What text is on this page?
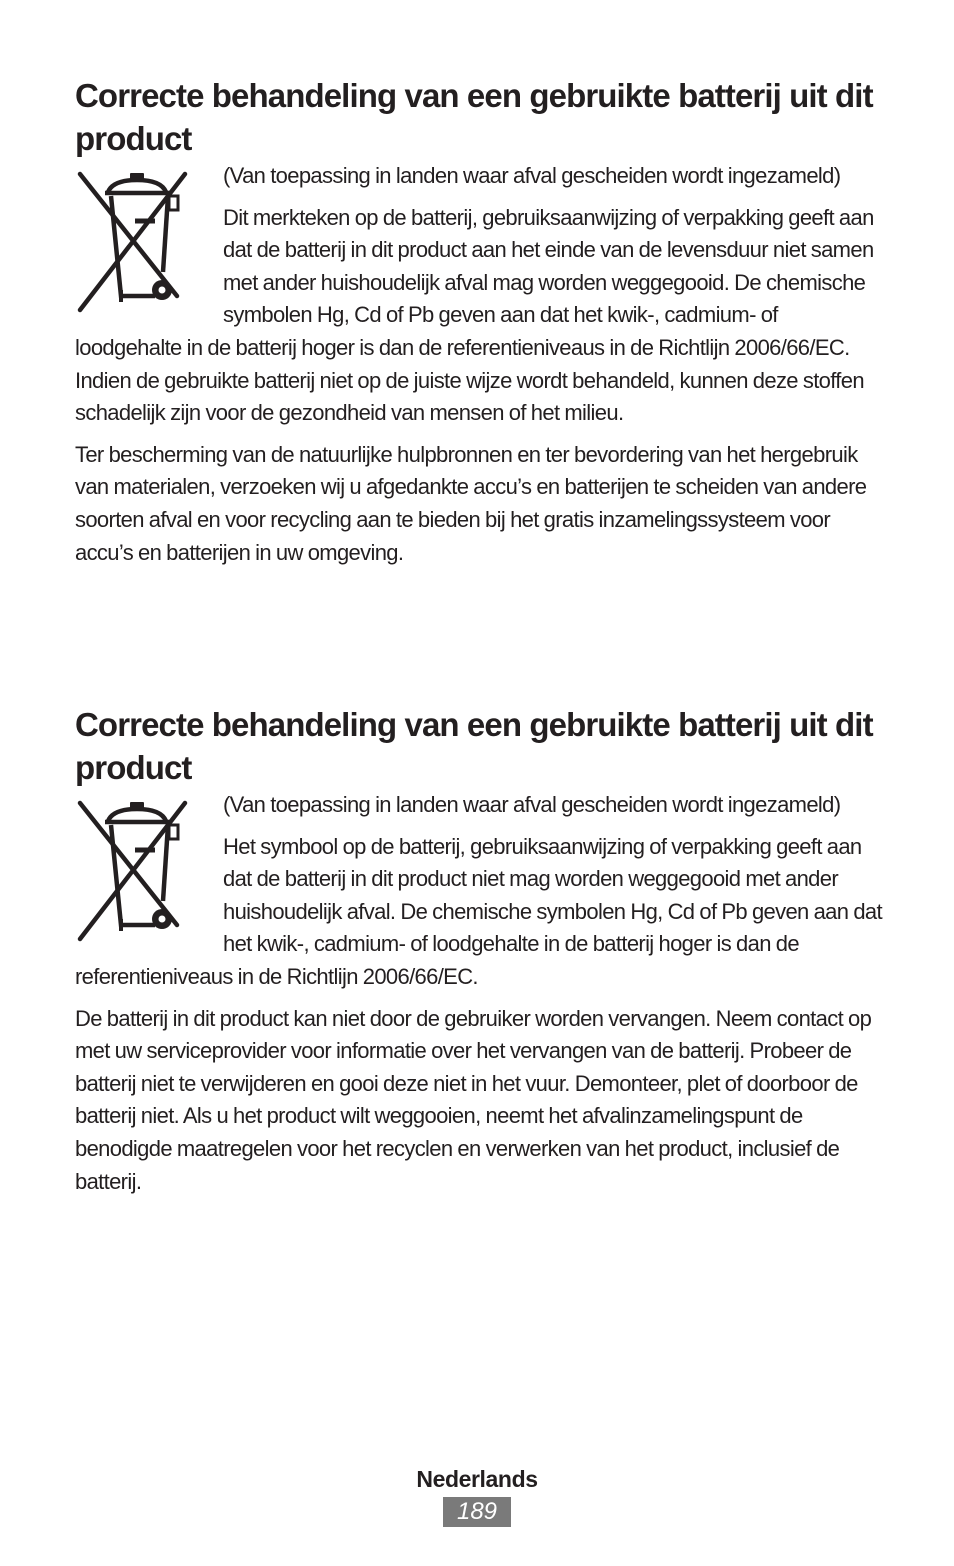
Correcte behandeling van een gebruikte batterij uit dit product

(Van toepassing in landen waar afval gescheiden wordt ingezameld)

Dit merkteken op de batterij, gebruiksaanwijzing of verpakking geeft aan dat de batterij in dit product aan het einde van de levensduur niet samen met ander huishoudelijk afval mag worden weggegooid. De chemische symbolen Hg, Cd of Pb geven aan dat het kwik-, cadmium- of loodgehalte in de batterij hoger is dan de referentieniveaus in de Richtlijn 2006/66/EC. Indien de gebruikte batterij niet op de juiste wijze wordt behandeld, kunnen deze stoffen schadelijk zijn voor de gezondheid van mensen of het milieu.

Ter bescherming van de natuurlijke hulpbronnen en ter bevordering van het hergebruik van materialen, verzoeken wij u afgedankte accu’s en batterijen te scheiden van andere soorten afval en voor recycling aan te bieden bij het gratis inzamelingssysteem voor accu’s en batterijen in uw omgeving.

Correcte behandeling van een gebruikte batterij uit dit product

(Van toepassing in landen waar afval gescheiden wordt ingezameld)

Het symbool op de batterij, gebruiksaanwijzing of verpakking geeft aan dat de batterij in dit product niet mag worden weggegooid met ander huishoudelijk afval. De chemische symbolen Hg, Cd of Pb geven aan dat het kwik-, cadmium- of loodgehalte in de batterij hoger is dan de referentieniveaus in de Richtlijn 2006/66/EC.

De batterij in dit product kan niet door de gebruiker worden vervangen. Neem contact op met uw serviceprovider voor informatie over het vervangen van de batterij. Probeer de batterij niet te verwijderen en gooi deze niet in het vuur. Demonteer, plet of doorboor de batterij niet. Als u het product wilt weggooien, neemt het afvalinzamelingspunt de benodigde maatregelen voor het recyclen en verwerken van het product, inclusief de batterij.

Nederlands
189
